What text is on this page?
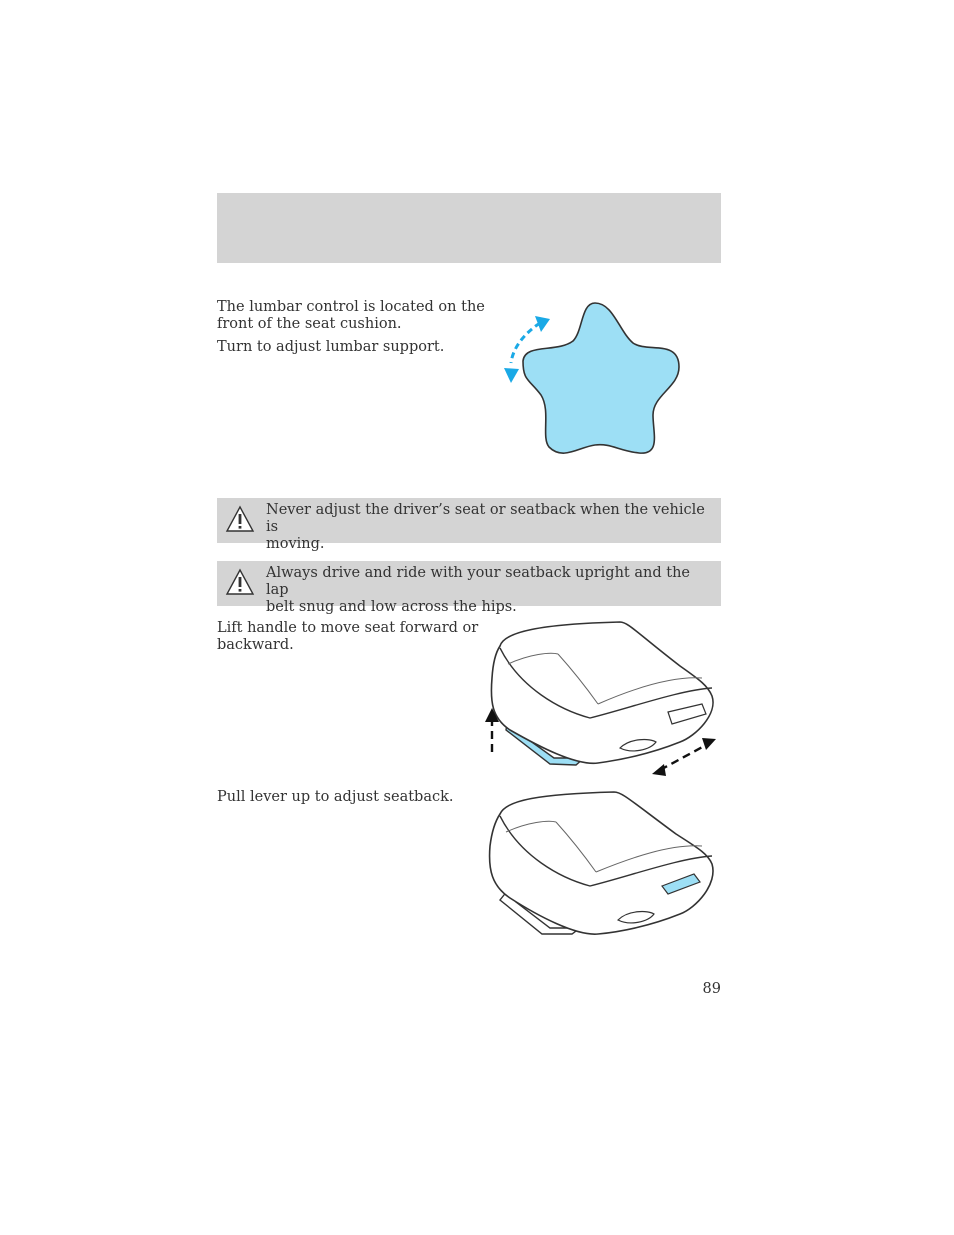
The lumbar control is located on the
front of the seat cushion.
Turn to adjust lumbar support.
Never adjust the driver’s seat or seatback when the vehicle is
moving.
Always drive and ride with your seatback upright and the lap
belt snug and low across the hips.
Lift handle to move seat forward or
backward.
Pull lever up to adjust seatback.
89
